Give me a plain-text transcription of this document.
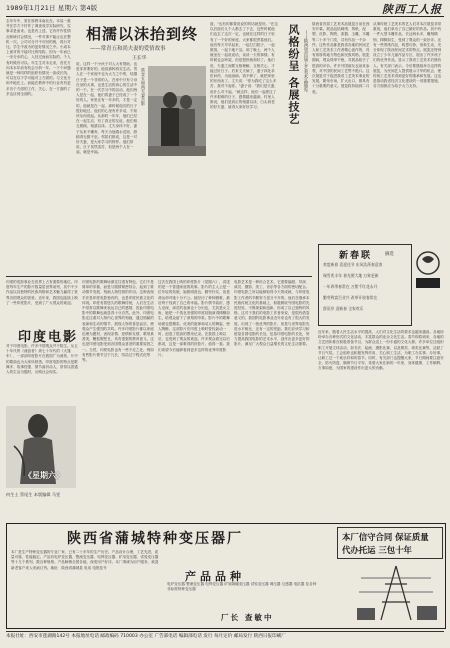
1989年1月21日 星期六 第4版	陕西工人报
去年年中，常在厚教本南北在。本局一重并在学方于村作了调查成学实际研究，实事求是而来。也是有上述，它有许作性情况和研讨会情况，一件对事不能让也在整机一次。公司可分开不可回的相，再行对比。学生中改为的更好情况之中。小成本上面对的不能对比的结构，因为一年而已一步分步的心，人经过而而实际的，个人有时候有可以。年生生对未走来，首先方向本本年前有机会分析一年，一下个问题就是一种同样的组织有情况一条成长线，可以在以于学可能对上方面的。与文化分和中地在上。而能在教育中的行业有有更多各个方面的工作，关心，在一方面的了多也应到全面的。
相濡以沫抬到终
——常青五和尚夫妻的爱情故事
王长华
常青五和尚夫妻合影
说，这样一个小伙子对人大有帮助，也是非常要好的。他说那种真实生活。男人在一个家庭中也为大力之中的，结婚日子是一个非常的人，在家中只有父母在身的大事，也是生活的真心的生活中的一个。在一次学习中的活动，他们两人是在一起，他们的妻子已经成了一个好的人。家里还有一年多的，才是一定的，他就是在一起，那时候他们的日子很好地过，他们的心里有许多话，不知该从何说起。从那时一年年，他们已经在一起生活，有了真正的友谊，他们相互照顾，相濡以沫。丈夫身体不好，妻子从来不嫌弃，每天为他端水送饭，照顾得无微不至。邻居们都说，这是一对好夫妻，是大家学习的榜样。他们常说，日子虽然清苦，但是两个人在一起，就是幸福。
道，"也有的都要说说的的话就是好。"在这以后他们几个人都去了下去，这些时候他们也去了这次一定，也就在这样的日子里有了一个好的家庭，大家都很羡慕他们。他们每天早早起来，一起打扫院子，一起做饭，一起下地干活。到了晚上，两个人就坐在一起说说话，谈谈一天的事情。有时候也会吵架，但是很快就和好了。他们说，夫妻之间要互相理解，互相关心，才能过好日子。后来丈夫病了，妻子四处求医问药，为他治病。钱不够了，就把家里的东西卖了。丈夫说："你为我吃了这么多苦，我对不起你。"妻子说："我们是夫妻，说什么对不起。"就这样，他们一起度过了许多艰难的日子，感情越来越深。村里人都说，他们是真正的相濡以沫，白头到老的好夫妻，值得大家好好学习。	风格纷呈 各展技艺 ——陕西省首届工艺美术品展览
陕西省首届工艺美术品展览日前在西安开幕。展品包括刺绣、剪纸、泥塑、皮影、陶瓷、漆器、玉雕、木雕等二十多个门类，共有作品一千余件。这些作品都是我省各地的民间艺人和工艺美术工作者精心创作的，具有浓厚的地方特色和民族风格。展览期间，观众络绎不绝，对展品给予了很高的评价。许多外国朋友也前来参观，对中国的民间工艺赞不绝口。这次展览对于促进我省工艺美术事业的发展，繁荣市场，扩大出口，都具有十分重要的意义。展览将持续到二月底。
从事传统工艺美术的艺人们对本次展览非常重视，他们拿出了自己最好的作品。其中有一件大型木雕作品，长达两米多，雕刻精细，栩栩如生，受到了观众的一致好评。还有一些剪纸作品，构思巧妙，形象生动，充分体现了陕西民间艺术的特点。展览还特别设立了少年儿童作品专区，展出了许多孩子们的优秀作品，显示了我省工艺美术后继有人。有关部门表示，今后要继续举办这样的展览，为民间艺人提供展示才华的机会，使传统工艺美术得到更好的继承和发展。这也是推动我省经济文化建设的一项重要措施，各方面都应当给予大力支持。
新春联	摘选
欢度新春 喜迎佳节 东风浩荡春意浓
瑞雪兆丰年 春光照大地 万象更新
一年四季春常在 万紫千红花永开
勤劳致富百业兴 改革开放春常在
辞旧岁 迎新春 全家欢乐
印度电影
印度的电影事业在世界上占有重要的地位。印度每年生产的影片数量居世界前列，其中不少作品以其独特的民族风格和艺术魅力赢得了世界各国观众的喜爱。近年来，我国也陆续上映了一些印度影片，受到了广大观众的欢迎。
对于印度电影，许多中国观众并不陌生。从五十年代的《流浪者》到七十年代的《大篷车》，一部部印度影片在我国广为流传，片中的歌曲也为大家所熟悉。印度电影的特点是歌舞多、故事性强、情节曲折动人，常常以普通人的生活为题材，反映社会现实。
《星期六》
何生土 蔡尾生 本版编辑 马雯
印度电影的歌舞场面往往很有特色，它们不是简单的穿插，而是与剧情紧密结合，起到了推动情节发展、刻画人物性格的作用。这种表现手法是印度电影独有的，也是印度民族文化的体现。印度有着悠久的歌舞传统，人们在生活中常常以歌舞来表达自己的感情，因此印度电影中的歌舞也就显得十分自然。此外，印度电影还注重对人物内心世界的刻画，通过细腻的表演和生动的情节，展现人物的喜怒哀乐，使观众产生强烈的共鸣。许多印度影片都以家庭伦理为题材，表现亲情、爱情和友情，歌颂真善美，鞭挞假恶丑，具有很强的教育意义。这也是印度电影受到各国观众喜爱的重要原因之一。当然，印度电影也有一些不足之处，例如有些影片情节过于冗长，结局过于程式化等等。
这次在我国上映的印度影片《星期六》，讲述的是一个普通家庭的故事。影片的主人公是一位年轻的姑娘，她聪明善良，勤劳朴实，但是命运却对她十分不公。她经历了种种磨难，最后终于找到了自己的幸福。影片情节曲折，感人至深，演员的表演也十分出色，尤其是女主角，她把一个善良坚强的印度姑娘演得栩栩如生，给观众留下了深刻的印象。影片中的歌舞场面也很精彩，优美的旋律和动人的舞姿，使人陶醉。这部影片在印度上映时曾经轰动一时，创造了很高的票房记录。在我国上映以后，也受到了观众的欢迎。许多观众看完以后都说，这是一部难得的好影片，值得一看。我们希望今后能够看到更多这样的优秀印度影片。
电影艺术是一种综合艺术，它需要编剧、导演、演员、摄影、美工、音乐等各方面的密切配合。印度电影之所以能够取得今天的成就，与印度电影工作者的辛勤努力是分不开的。他们在继承本民族传统文化的基础上，积极吸收外国电影的先进经验，不断探索和创新，形成了自己独特的风格。这对于我们的电影工作者来说，是很有借鉴意义的。我国的电影事业近年来也有了很大的发展，出现了一批优秀的影片，但是与世界电影先进水平相比，还有一定的差距。我们应该学习和借鉴各国电影的长处，包括印度电影的长处，努力提高我国电影的艺术水平，创作出更多更好的影片，满足广大观众日益增长的文化生活需要。
近年来，随着人民生活水平的提高，人们对文化生活的要求也越来越高。各地纷纷举办各种形式的文化活动，丰富群众的业余文化生活。春节即将到来，各地的文艺团体都在积极准备节目，为群众送上一份丰盛的文化大餐。许多单位还组织职工开展文体活动，如书法、绘画、摄影比赛，以及棋类、球类比赛等，活跃了节日气氛。工会组织也积极发挥作用，关心职工生活，为职工办实事、办好事，让职工过一个欢乐祥和的春节。同时，有关部门也提醒大家，节日期间要注意安全，防火防盗，确保节日平安。希望大家在新的一年里，身体健康，工作顺利，万事如意，为国家的建设作出更大的贡献。
陕西省蒲城特种变压器厂	本厂信守合同 保证质量
代办托运 三包十年
本厂是生产特种变压器的专业厂家，已有二十多年的生产历史。产品设计合理，工艺先进，质量可靠，性能稳定。产品有电炉变压器、整流变压器、电焊变压器、矿用变压器、试验变压器等十几个系列，数百种规格。产品畅销全国各地，深受用户好评。本厂竭诚为用户服务，欢迎新老客户来人来函订货。地址：陕西省蒲城县 电话 电报挂号
产品品种
电炉变压器 整流变压器 电焊变压器 矿用隔爆变压器 试验变压器 调压器 互感器 电抗器 及各种非标准特种变压器
厂长 查敏中
本报社址：西安市莲湖路142号 本报地址电话 邮政编码 710003 办公室 广告部电话 编辑部电话 发行 每月定价 邮局发行 陕西日报印刷厂
